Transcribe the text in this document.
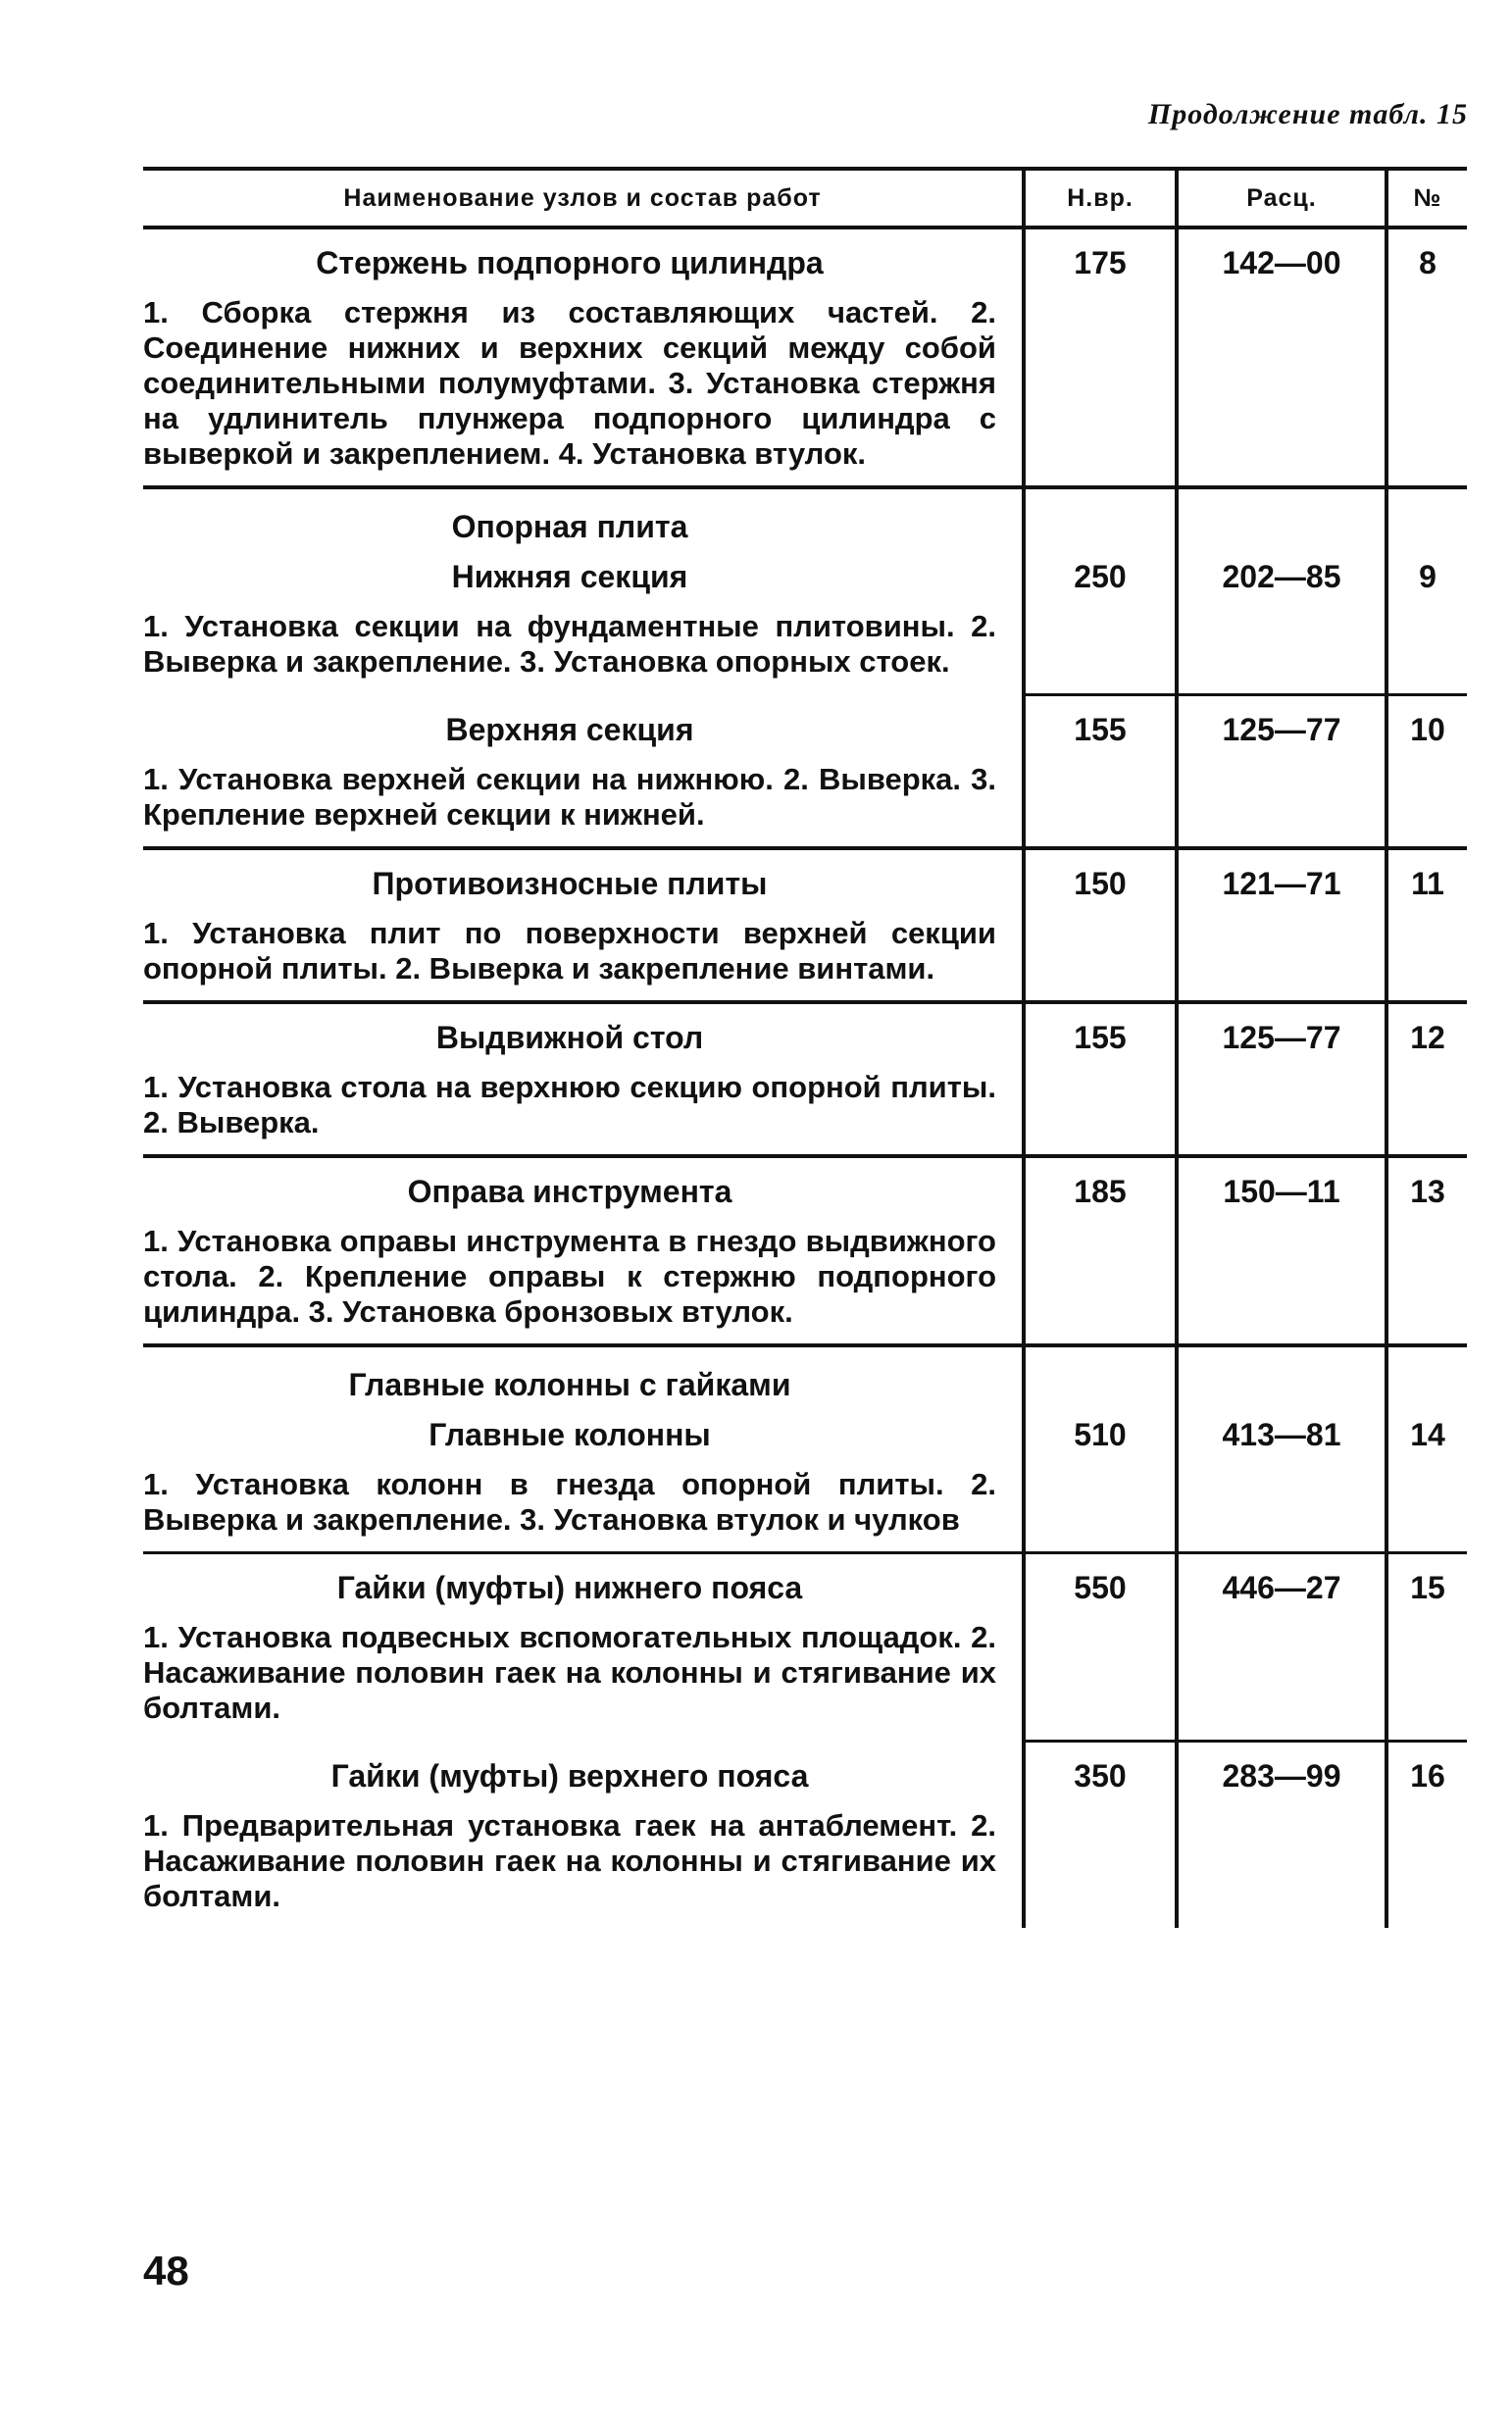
Продолжение табл. 15
Наименование узлов и состав работ	Н.вр.	Расц.	№
Стержень подпорного цилиндра
1. Сборка стержня из составляющих частей. 2. Соединение нижних и верхних секций между собой соединительными полумуфтами. 3. Установка стержня на удлинитель плунжера подпорного цилиндра с выверкой и закреплением. 4. Установка втулок.
175	142—00	8
Опорная плита
Нижняя секция
1. Установка секции на фундаментные плитовины. 2. Выверка и закрепление. 3. Установка опорных стоек.
250	202—85	9
Верхняя секция
1. Установка верхней секции на нижнюю. 2. Выверка. 3. Крепление верхней секции к нижней.
155	125—77	10
Противоизносные плиты
1. Установка плит по поверхности верхней секции опорной плиты. 2. Выверка и закрепление винтами.
150	121—71	11
Выдвижной стол
1. Установка стола на верхнюю секцию опорной плиты. 2. Выверка.
155	125—77	12
Оправа инструмента
1. Установка оправы инструмента в гнездо выдвижного стола. 2. Крепление оправы к стержню подпорного цилиндра. 3. Установка бронзовых втулок.
185	150—11	13
Главные колонны с гайками
Главные колонны
1. Установка колонн в гнезда опорной плиты. 2. Выверка и закрепление. 3. Установка втулок и чулков
510	413—81	14
Гайки (муфты) нижнего пояса
1. Установка подвесных вспомогательных площадок. 2. Насаживание половин гаек на колонны и стягивание их болтами.
550	446—27	15
Гайки (муфты) верхнего пояса
1. Предварительная установка гаек на антаблемент. 2. Насаживание половин гаек на колонны и стягивание их болтами.
350	283—99	16
48
